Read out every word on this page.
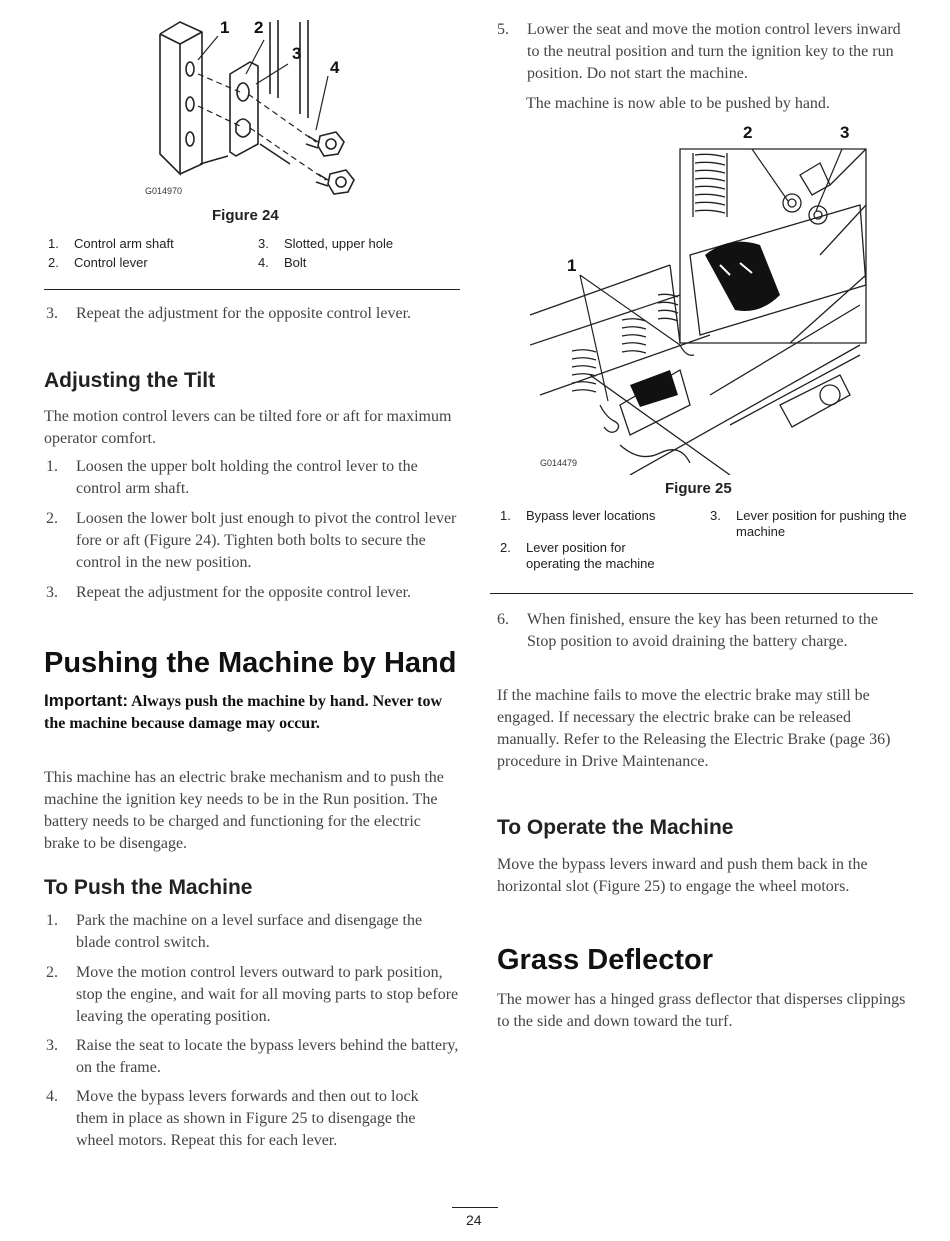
1 2
3
4
G014970
Figure 24
1. Control arm shaft
2. Control lever
3. Slotted, upper hole
4. Bolt
3. Repeat the adjustment for the opposite control lever.
Adjusting the Tilt

The motion control levers can be tilted fore or aft for maximum operator comfort.

1. Loosen the upper bolt holding the control lever to the control arm shaft.
2. Loosen the lower bolt just enough to pivot the control lever fore or aft (Figure 24). Tighten both bolts to secure the control in the new position.
3. Repeat the adjustment for the opposite control lever.
Pushing the Machine by Hand
Important: Always push the machine by hand. Never tow the machine because damage may occur.

This machine has an electric brake mechanism and to push the machine the ignition key needs to be in the Run position. The battery needs to be charged and functioning for the electric brake to be disengage.

To Push the Machine
1. Park the machine on a level surface and disengage the blade control switch.
2. Move the motion control levers outward to park position, stop the engine, and wait for all moving parts to stop before leaving the operating position.
3. Raise the seat to locate the bypass levers behind the battery, on the frame.
4. Move the bypass levers forwards and then out to lock them in place as shown in Figure 25 to disengage the wheel motors. Repeat this for each lever.
5. Lower the seat and move the motion control levers inward to the neutral position and turn the ignition key to the run position. Do not start the machine.

The machine is now able to be pushed by hand.

1
2	3
G014479
Figure 25
1. Bypass lever locations
2. Lever position for operating the machine
3. Lever position for pushing the machine
6. When finished, ensure the key has been returned to the Stop position to avoid draining the battery charge.

If the machine fails to move the electric brake may still be engaged. If necessary the electric brake can be released manually. Refer to the Releasing the Electric Brake (page 36) procedure in Drive Maintenance.

To Operate the Machine

Move the bypass levers inward and push them back in the horizontal slot (Figure 25) to engage the wheel motors.

Grass Deflector

The mower has a hinged grass deflector that disperses clippings to the side and down toward the turf.

24
